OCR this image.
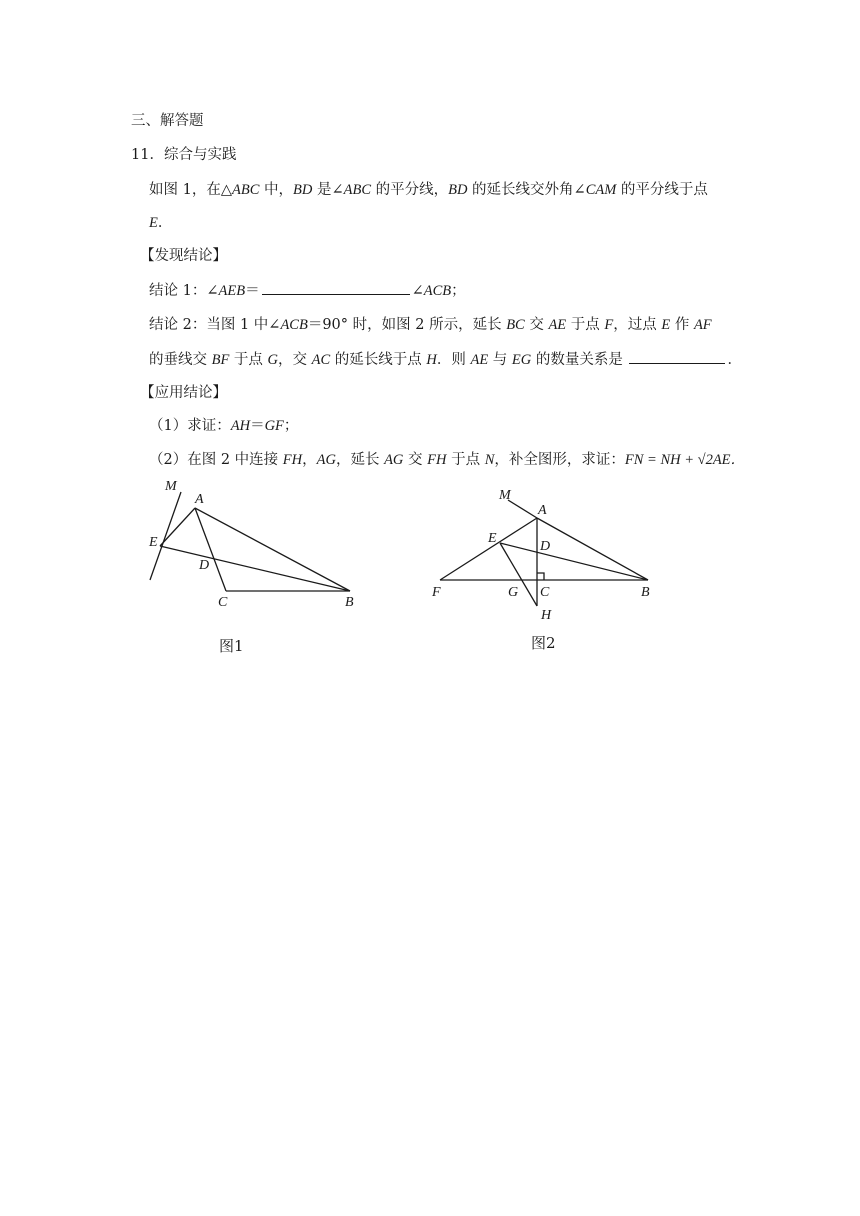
三、解答题
11．综合与实践
如图 1，在△ABC 中，BD 是∠ABC 的平分线，BD 的延长线交外角∠CAM 的平分线于点
E．
【发现结论】
结论 1：∠AEB＝	∠ACB；
结论 2：当图 1 中∠ACB＝90° 时，如图 2 所示，延长 BC 交 AE 于点 F，过点 E 作 AF
的垂线交 BF 于点 G，交 AC 的延长线于点 H．则 AE 与 EG 的数量关系是	．
【应用结论】
（1）求证：AH＝GF；
（2）在图 2 中连接 FH，AG，延长 AG 交 FH 于点 N，补全图形，求证：FN = NH + √2AE．
M
A
E
D
C	B
图1
M
A
E
D
F	G C
H
B
图2
